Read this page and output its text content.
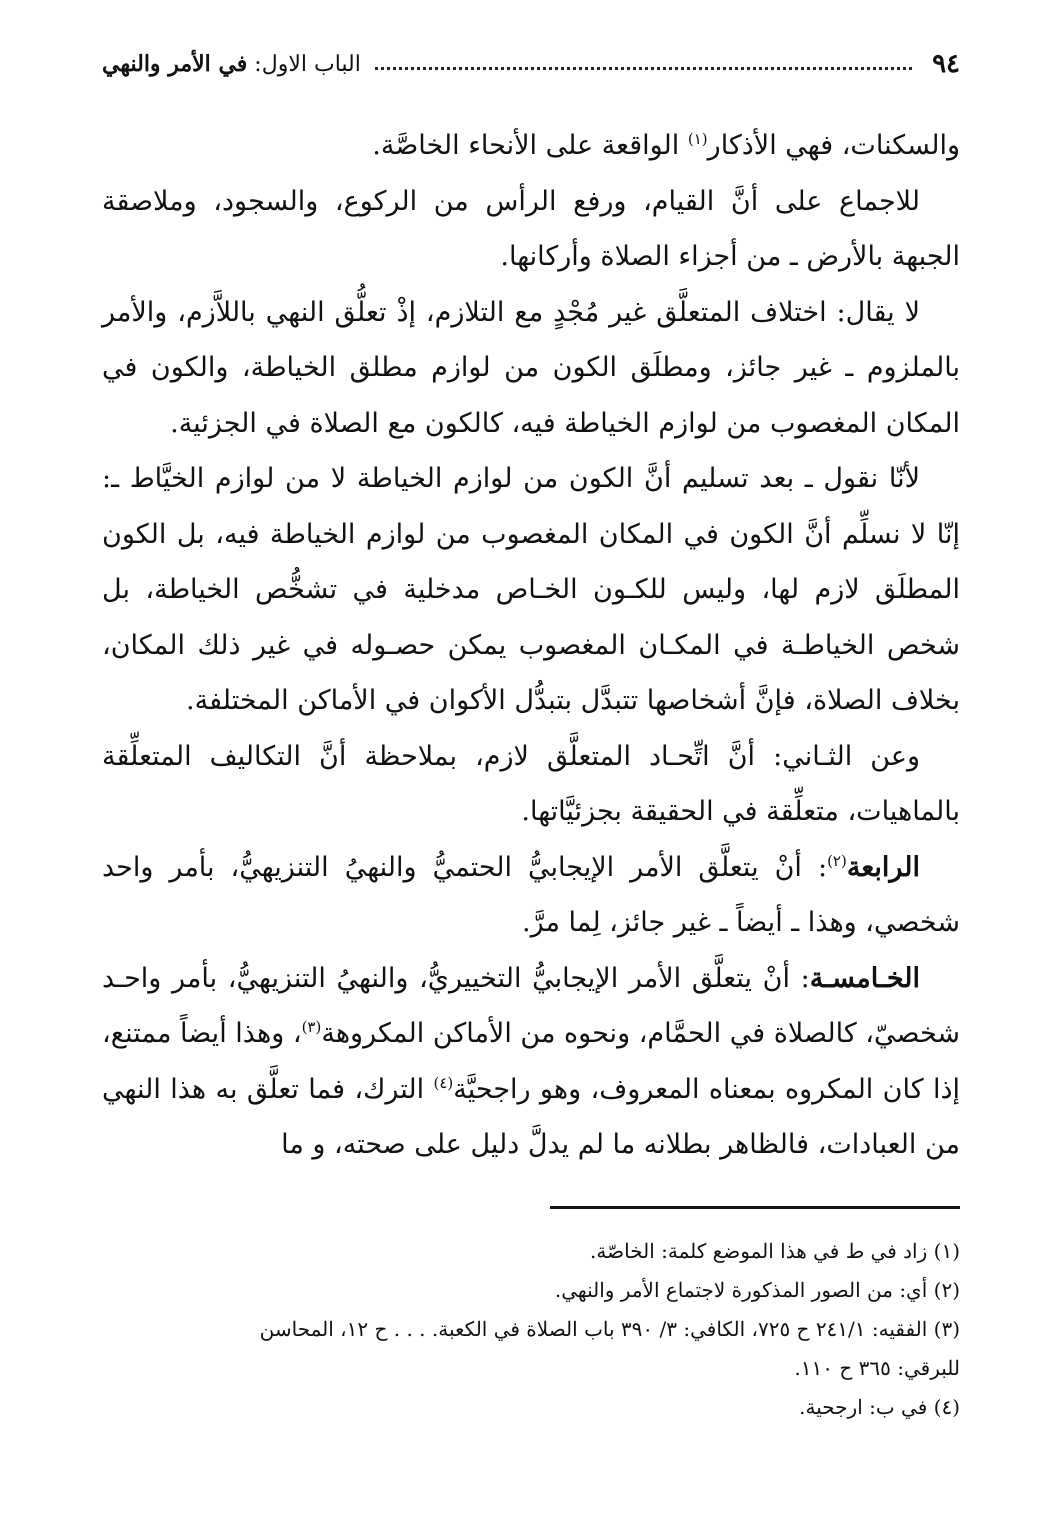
٩٤
الباب الاول: في الأمر والنهي

والسكنات، فهي الأذكار$^{(١)}$ الواقعة على الأنحاء الخاصَّة.

للاجماع على أنَّ القيام، ورفع الرأس من الركوع، والسجود، وملاصقة الجبهة بالأرض ـ من أجزاء الصلاة وأركانها.

لا يقال: اختلاف المتعلَّق غير مُجْدٍ مع التلازم، إذْ تعلُّق النهي باللاَّزم، والأمر بالملزوم ـ غير جائز، ومطلَق الكون من لوازم مطلق الخياطة، والكون في المكان المغصوب من لوازم الخياطة فيه، كالكون مع الصلاة في الجزئية.

لأنّا نقول ـ بعد تسليم أنَّ الكون من لوازم الخياطة لا من لوازم الخيَّاط ـ: إنّا لا نسلِّم أنَّ الكون في المكان المغصوب من لوازم الخياطة فيه، بل الكون المطلَق لازم لها، وليس للكـون الخـاص مدخلية في تشخُّص الخياطة، بل شخص الخياطـة في المكـان المغصوب يمكن حصـوله في غير ذلك المكان، بخلاف الصلاة، فإنَّ أشخاصها تتبدَّل بتبدُّل الأكوان في الأماكن المختلفة.

وعن الثـاني: أنَّ اتِّحـاد المتعلَّق لازم، بملاحظة أنَّ التكاليف المتعلِّقة بالماهيات، متعلِّقة في الحقيقة بجزئيَّاتها.

الرابعة$^{(٢)}$: أنْ يتعلَّق الأمر الإيجابيُّ الحتميُّ والنهيُ التنزيهيُّ، بأمر واحد شخصي، وهذا ـ أيضاً ـ غير جائز، لِما مرَّ.

الخـامسـة: أنْ يتعلَّق الأمر الإيجابيُّ التخييريُّ، والنهيُ التنزيهيُّ، بأمر واحـد شخصيّ، كالصلاة في الحمَّام، ونحوه من الأماكن المكروهة$^{(٣)}$، وهذا أيضاً ممتنع، إذا كان المكروه بمعناه المعروف، وهو راجحيَّة$^{(٤)}$ الترك، فما تعلَّق به هذا النهي من العبادات، فالظاهر بطلانه ما لم يدلَّ دليل على صحته، و ما

(١) زاد في ط في هذا الموضع كلمة: الخاصّة.

(٢) أي: من الصور المذكورة لاجتماع الأمر والنهي.

(٣) الفقيه: ٢٤١/١ ح ٧٢٥، الكافي: ٣/ ٣٩٠ باب الصلاة في الكعبة. . . . ح ١٢، المحاسن

للبرقي: ٣٦٥ ح ١١٠.

(٤) في ب: ارجحية.
